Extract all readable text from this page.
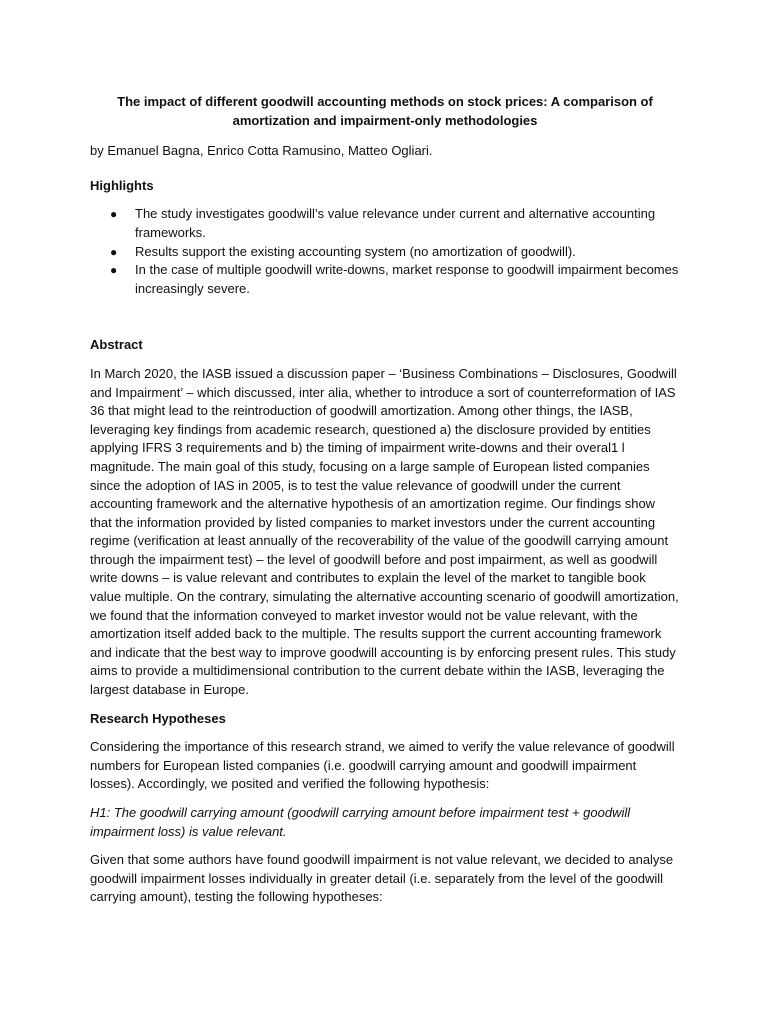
The impact of different goodwill accounting methods on stock prices: A comparison of amortization and impairment-only methodologies

by Emanuel Bagna, Enrico Cotta Ramusino, Matteo Ogliari.

Highlights
● The study investigates goodwill’s value relevance under current and alternative accounting frameworks.
● Results support the existing accounting system (no amortization of goodwill).
● In the case of multiple goodwill write-downs, market response to goodwill impairment becomes increasingly severe.
Abstract

In March 2020, the IASB issued a discussion paper – ‘Business Combinations – Disclosures, Goodwill and Impairment’ – which discussed, inter alia, whether to introduce a sort of counterreformation of IAS 36 that might lead to the reintroduction of goodwill amortization. Among other things, the IASB, leveraging key findings from academic research, questioned a) the disclosure provided by entities applying IFRS 3 requirements and b) the timing of impairment write-downs and their overal1 l magnitude. The main goal of this study, focusing on a large sample of European listed companies since the adoption of IAS in 2005, is to test the value relevance of goodwill under the current accounting framework and the alternative hypothesis of an amortization regime. Our findings show that the information provided by listed companies to market investors under the current accounting regime (verification at least annually of the recoverability of the value of the goodwill carrying amount through the impairment test) – the level of goodwill before and post impairment, as well as goodwill write downs – is value relevant and contributes to explain the level of the market to tangible book value multiple. On the contrary, simulating the alternative accounting scenario of goodwill amortization, we found that the information conveyed to market investor would not be value relevant, with the amortization itself added back to the multiple. The results support the current accounting framework and indicate that the best way to improve goodwill accounting is by enforcing present rules. This study aims to provide a multidimensional contribution to the current debate within the IASB, leveraging the largest database in Europe.

Research Hypotheses

Considering the importance of this research strand, we aimed to verify the value relevance of goodwill numbers for European listed companies (i.e. goodwill carrying amount and goodwill impairment losses). Accordingly, we posited and verified the following hypothesis:

H1: The goodwill carrying amount (goodwill carrying amount before impairment test + goodwill impairment loss) is value relevant.

Given that some authors have found goodwill impairment is not value relevant, we decided to analyse goodwill impairment losses individually in greater detail (i.e. separately from the level of the goodwill carrying amount), testing the following hypotheses:
